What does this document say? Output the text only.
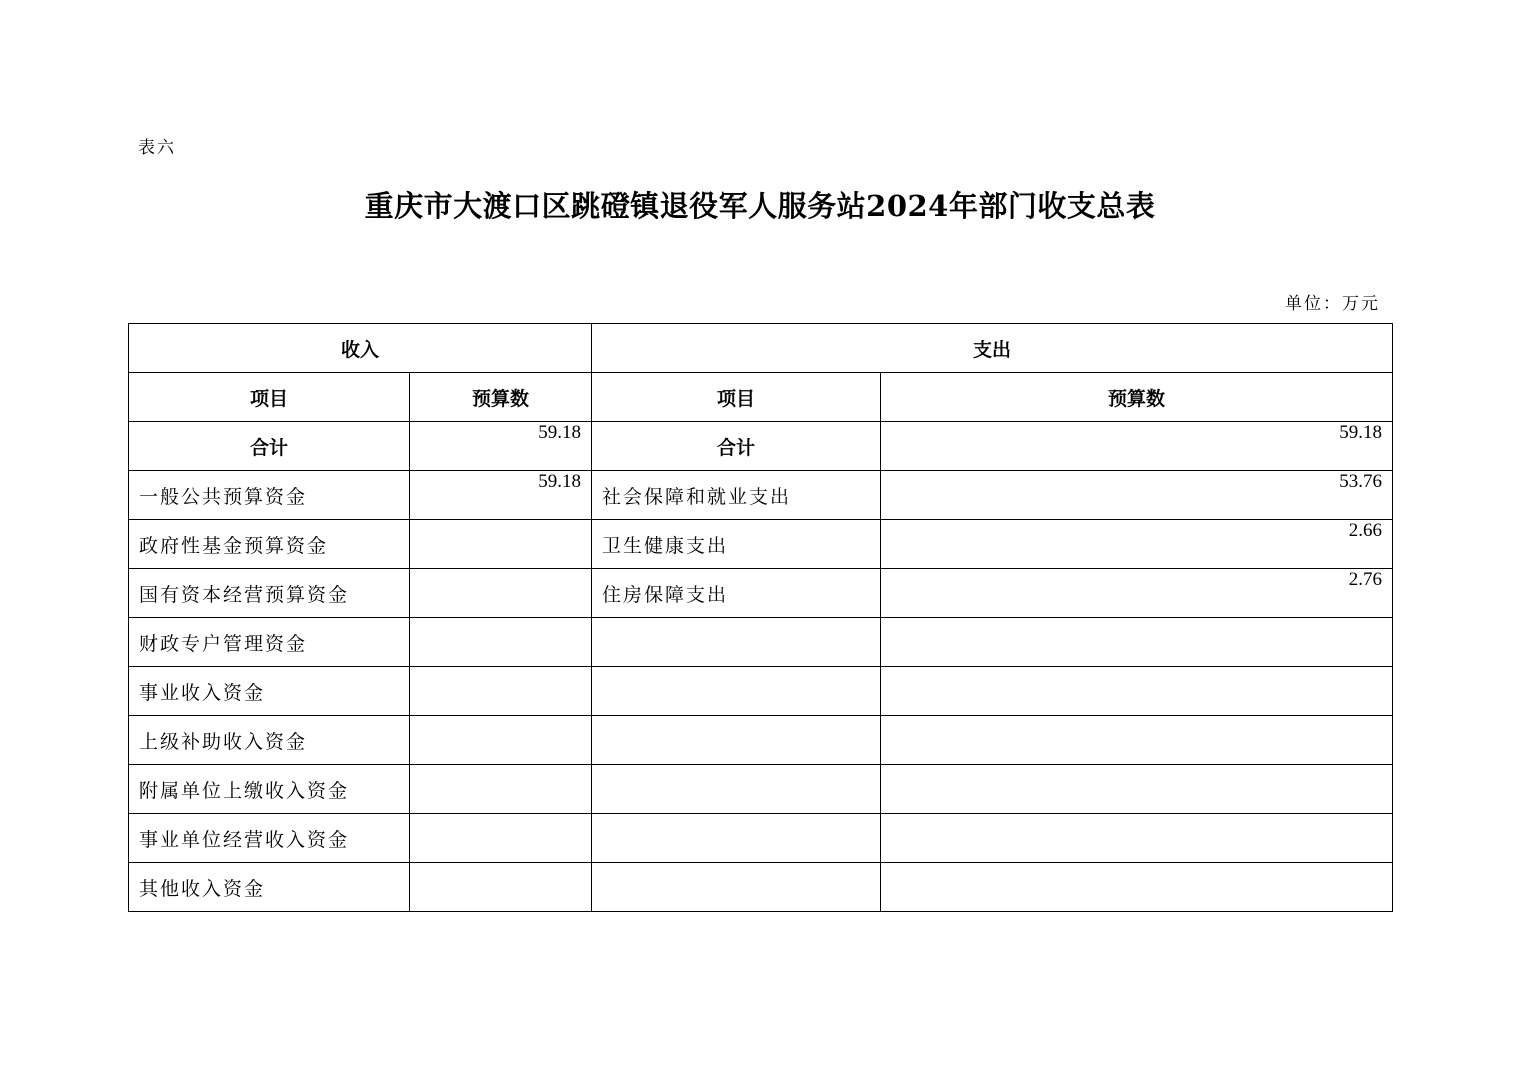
表六
重庆市大渡口区跳磴镇退役军人服务站2024年部门收支总表
单位：万元
收入		支出	
项目	预算数	项目	预算数
合计	59.18	合计	59.18
一般公共预算资金	59.18	社会保障和就业支出	53.76
政府性基金预算资金		卫生健康支出	2.66
国有资本经营预算资金		住房保障支出	2.76
财政专户管理资金			
事业收入资金			
上级补助收入资金			
附属单位上缴收入资金			
事业单位经营收入资金			
其他收入资金			
